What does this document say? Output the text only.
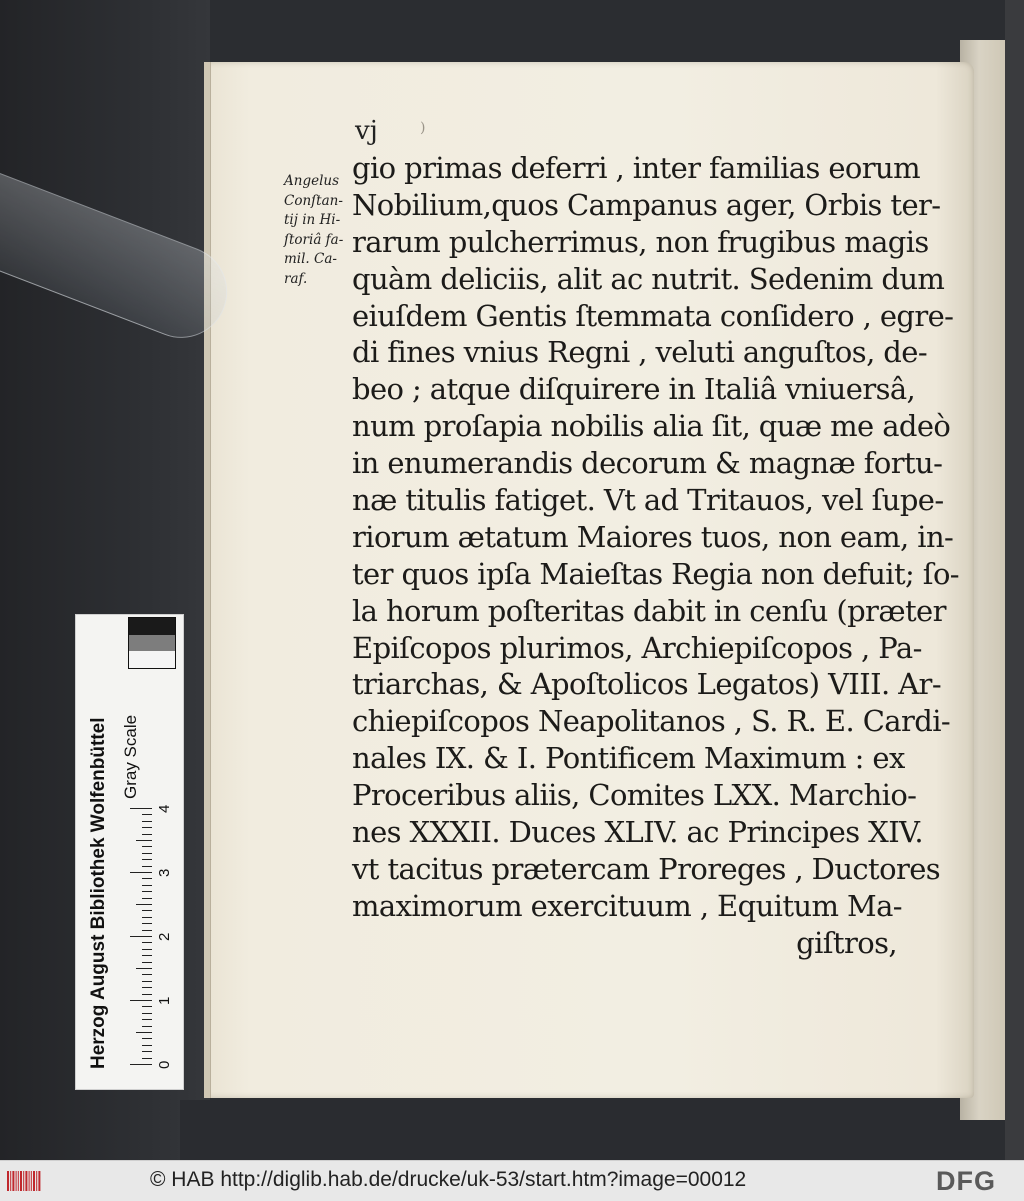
vj	)
Angelus
Conſtan-
tij in Hi-
ſtoriâ fa-
mil. Ca-
raf.
gio primas deferri , inter familias eorum
Nobilium,quos Campanus ager, Orbis ter-
rarum pulcherrimus, non frugibus magis
quàm deliciis, alit ac nutrit. Sedenim dum
eiuſdem Gentis ſtemmata conſidero , egre-
di fines vnius Regni , veluti anguſtos, de-
beo ; atque diſquirere in Italiâ vniuersâ,
num proſapia nobilis alia ſit, quæ me adeò
in enumerandis decorum & magnæ fortu-
næ titulis fatiget. Vt ad Tritauos, vel ſupe-
riorum ætatum Maiores tuos, non eam, in-
ter quos ipſa Maieſtas Regia non defuit; ſo-
la horum poſteritas dabit in cenſu (præter
Epiſcopos plurimos, Archiepiſcopos , Pa-
triarchas, & Apoſtolicos Legatos) VIII. Ar-
chiepiſcopos Neapolitanos , S. R. E. Cardi-
nales IX. & I. Pontificem Maximum : ex
Proceribus aliis, Comites LXX. Marchio-
nes XXXII. Duces XLIV. ac Principes XIV.
vt tacitus prætercam Proreges , Ductores
maximorum exercituum , Equitum Ma-
giſtros,
Herzog August Bibliothek Wolfenbüttel	0
1
2
3
4
Gray Scale
© HAB http://diglib.hab.de/drucke/uk-53/start.htm?image=00012	DFG
